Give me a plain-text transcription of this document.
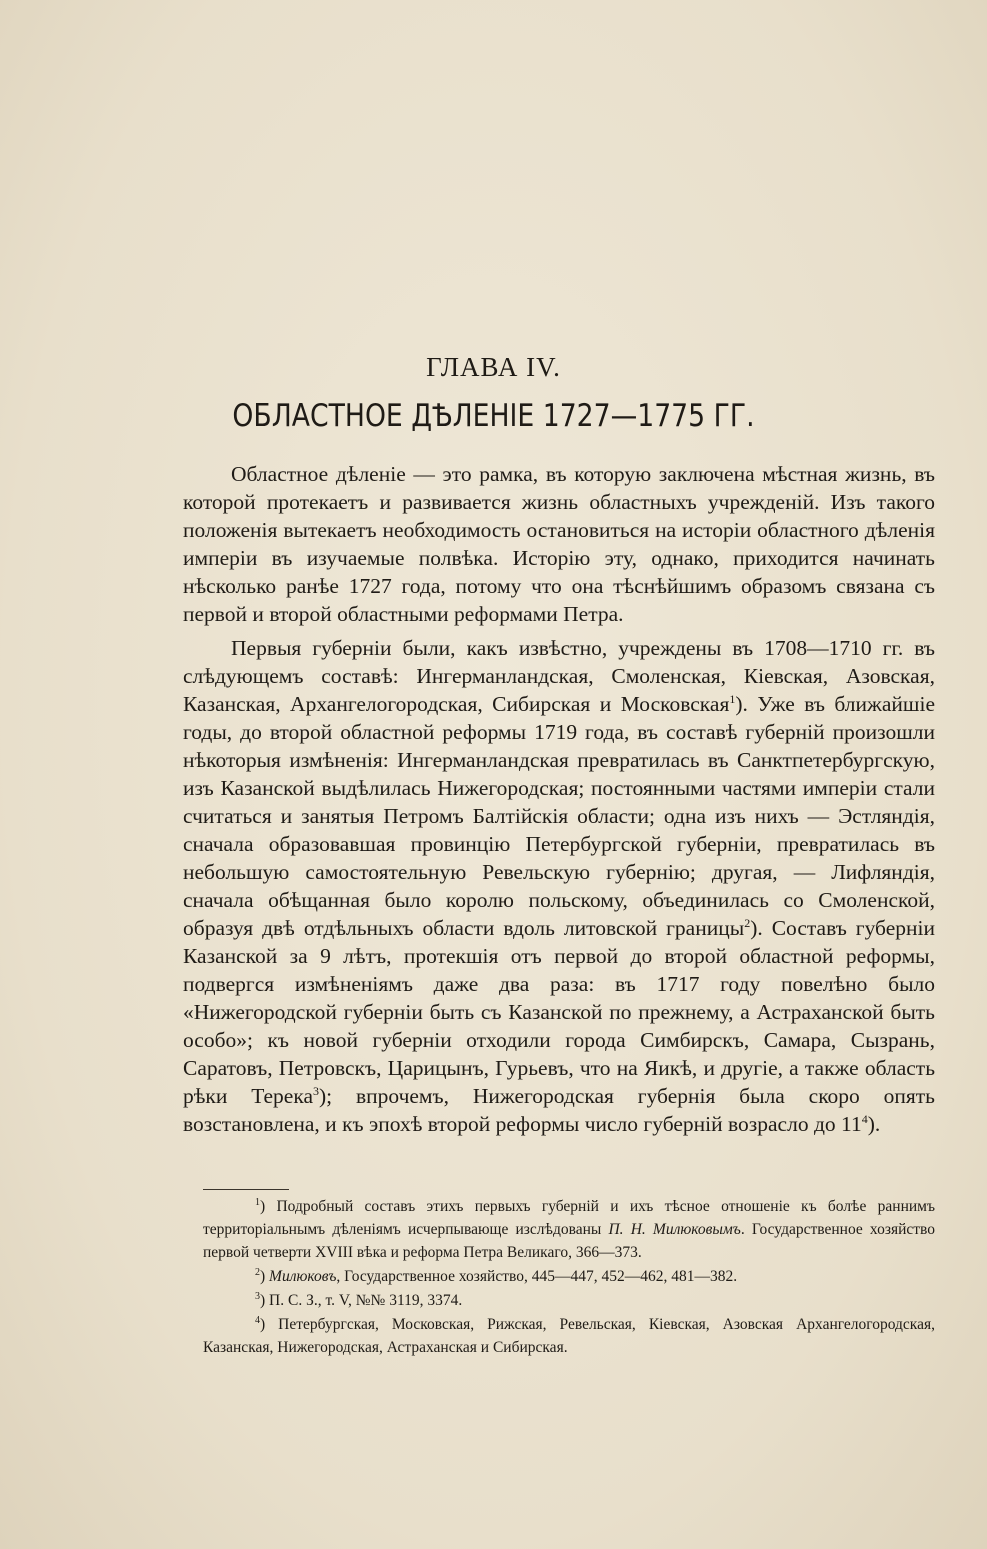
ГЛАВА IV.
ОБЛАСТНОЕ ДѢЛЕНІЕ 1727—1775 ГГ.

Областное дѣленіе — это рамка, въ которую заключена мѣстная жизнь, въ которой протекаетъ и развивается жизнь областныхъ учрежденій. Изъ такого положенія вытекаетъ необходимость остановиться на исторіи областного дѣленія имперіи въ изучаемые полвѣка. Исторію эту, однако, приходится начинать нѣсколько ранѣе 1727 года, потому что она тѣснѣйшимъ образомъ связана съ первой и второй областными реформами Петра.

Первыя губерніи были, какъ извѣстно, учреждены въ 1708—1710 гг. въ слѣдующемъ составѣ: Ингерманландская, Смоленская, Кіевская, Азовская, Казанская, Архангелогородская, Сибирская и Московская$^1$). Уже въ ближайшіе годы, до второй областной реформы 1719 года, въ составѣ губерній произошли нѣкоторыя измѣненія: Ингерманландская превратилась въ Санктпетербургскую, изъ Казанской выдѣлилась Нижегородская; постоянными частями имперіи стали считаться и занятыя Петромъ Балтійскія области; одна изъ нихъ — Эстляндія, сначала образовавшая провинцію Петербургской губерніи, превратилась въ небольшую самостоятельную Ревельскую губернію; другая, — Лифляндія, сначала обѣщанная было королю польскому, объединилась со Смоленской, образуя двѣ отдѣльныхъ области вдоль литовской границы$^2$). Составъ губерніи Казанской за 9 лѣтъ, протекшія отъ первой до второй областной реформы, подвергся измѣненіямъ даже два раза: въ 1717 году повелѣно было «Нижегородской губерніи быть съ Казанской по прежнему, а Астраханской быть особо»; къ новой губерніи отходили города Симбирскъ, Самара, Сызрань, Саратовъ, Петровскъ, Царицынъ, Гурьевъ, что на Яикѣ, и другіе, а также область рѣки Терека$^3$); впрочемъ, Нижегородская губернія была скоро опять возстановлена, и къ эпохѣ второй реформы число губерній возрасло до $11^4$).

$^1$) Подробный составъ этихъ первыхъ губерній и ихъ тѣсное отношеніе къ болѣе раннимъ территоріальнымъ дѣленіямъ исчерпывающе изслѣдованы П. Н. Милюковымъ. Государственное хозяйство первой четверти XVIII вѣка и реформа Петра Великаго, 366—373.

$^2$) Милюковъ, Государственное хозяйство, 445—447, 452—462, 481—382.

$^3$) П. С. З., т. V, №№ 3119, 3374.

$^4$) Петербургская, Московская, Рижская, Ревельская, Кіевская, Азовская Архангелогородская, Казанская, Нижегородская, Астраханская и Сибирская.
